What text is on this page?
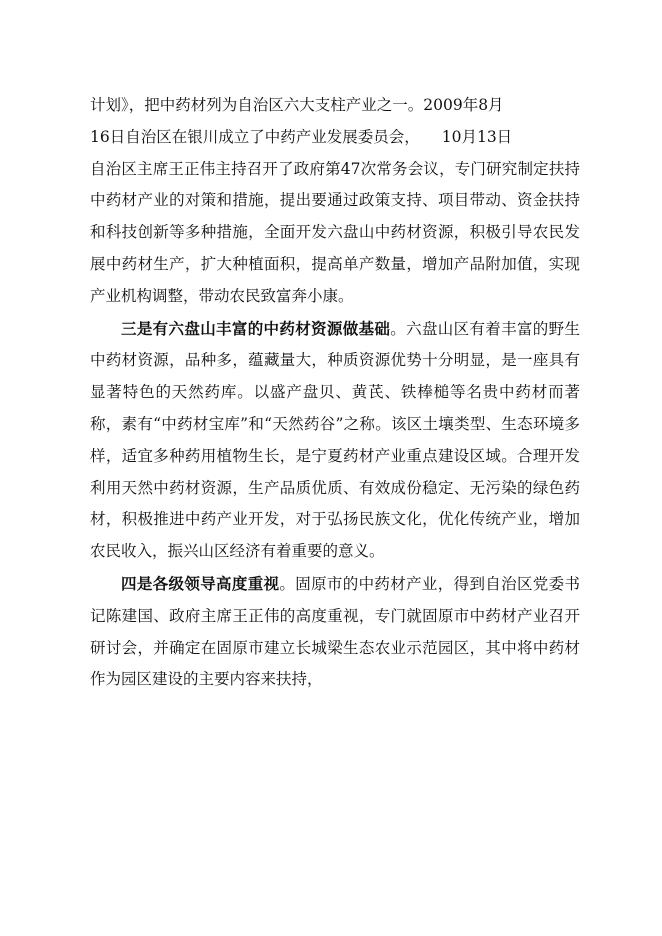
计划》，把中药材列为自治区六大支柱产业之一。2009年8月
16日自治区在银川成立了中药产业发展委员会， 10月13日
自治区主席王正伟主持召开了政府第47次常务会议，专门研究制定扶持中药材产业的对策和措施，提出要通过政策支持、项目带动、资金扶持和科技创新等多种措施，全面开发六盘山中药材资源，积极引导农民发展中药材生产，扩大种植面积，提高单产数量，增加产品附加值，实现产业机构调整，带动农民致富奔小康。

三是有六盘山丰富的中药材资源做基础。六盘山区有着丰富的野生中药材资源，品种多，蕴藏量大，种质资源优势十分明显，是一座具有显著特色的天然药库。以盛产盘贝、黄芪、铁棒槌等名贵中药材而著称，素有“中药材宝库”和“天然药谷”之称。该区土壤类型、生态环境多样，适宜多种药用植物生长，是宁夏药材产业重点建设区域。合理开发利用天然中药材资源，生产品质优质、有效成份稳定、无污染的绿色药材，积极推进中药产业开发，对于弘扬民族文化，优化传统产业，增加农民收入，振兴山区经济有着重要的意义。

四是各级领导高度重视。固原市的中药材产业，得到自治区党委书记陈建国、政府主席王正伟的高度重视，专门就固原市中药材产业召开研讨会，并确定在固原市建立长城梁生态农业示范园区，其中将中药材作为园区建设的主要内容来扶持，
